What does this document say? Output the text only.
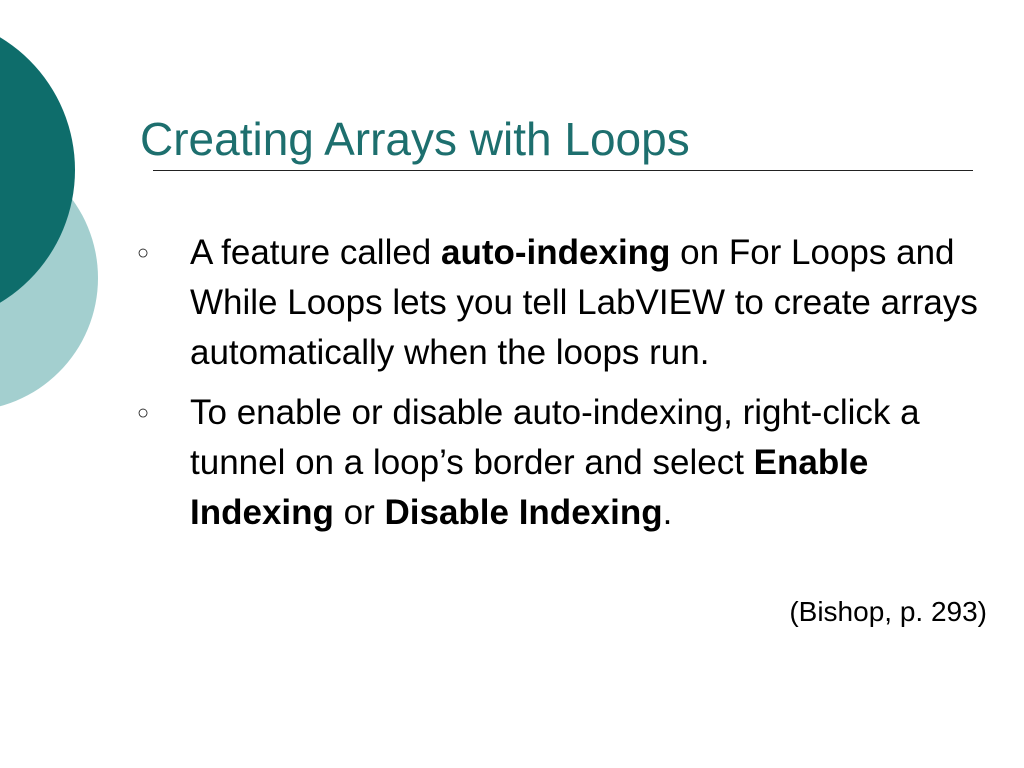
Creating Arrays with Loops
○ A feature called auto-indexing on For Loops and While Loops lets you tell LabVIEW to create arrays automatically when the loops run.
○ To enable or disable auto-indexing, right-click a tunnel on a loop’s border and select Enable Indexing or Disable Indexing.
(Bishop, p. 293)
